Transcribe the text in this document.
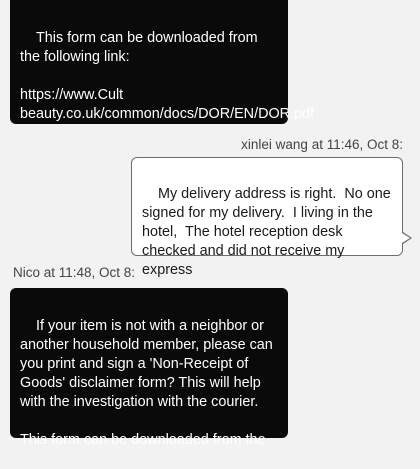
This form can be downloaded from the following link:

https://www.Cult beauty.co.uk/common/docs/DOR/EN/DOR.pdf

xinlei wang at 11:46, Oct 8:

My delivery address is right.  No one signed for my delivery.  I living in the hotel,  The hotel reception desk checked and did not receive my express

Nico at 11:48, Oct 8:

If your item is not with a neighbor or another household member, please can you print and sign a 'Non-Receipt of Goods' disclaimer form? This will help with the investigation with the courier.

This form can be downloaded from the
